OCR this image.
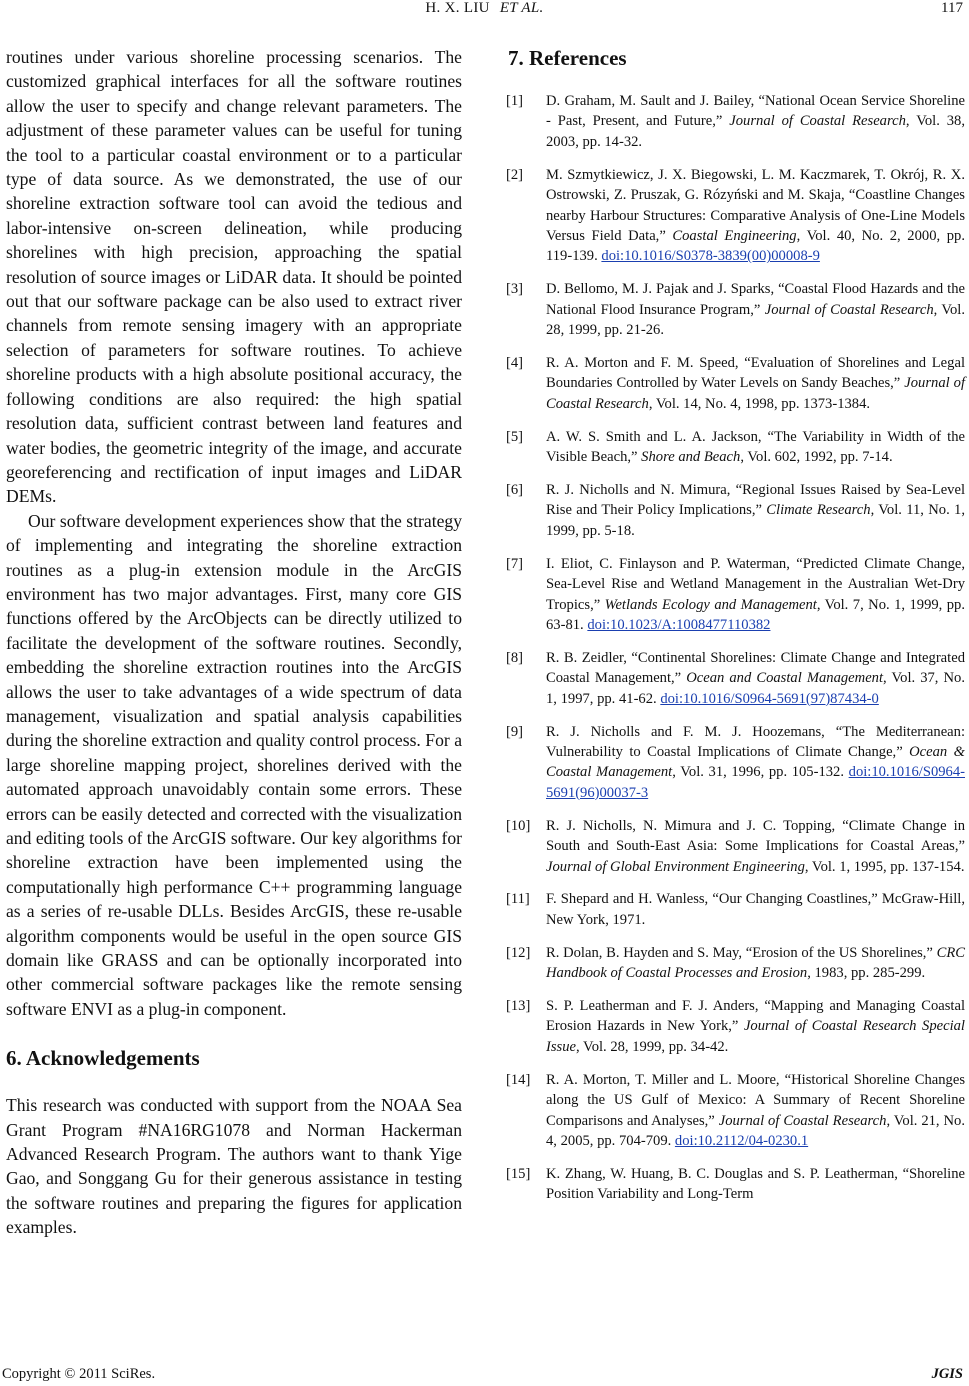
H. X. LIU ET AL.	117

routines under various shoreline processing scenarios. The customized graphical interfaces for all the software routines allow the user to specify and change relevant parameters. The adjustment of these parameter values can be useful for tuning the tool to a particular coastal environment or to a particular type of data source. As we demonstrated, the use of our shoreline extraction software tool can avoid the tedious and labor-intensive on-screen delineation, while producing shorelines with high precision, approaching the spatial resolution of source images or LiDAR data. It should be pointed out that our software package can be also used to extract river channels from remote sensing imagery with an appropriate selection of parameters for software routines. To achieve shoreline products with a high absolute positional accuracy, the following conditions are also required: the high spatial resolution data, sufficient contrast between land features and water bodies, the geometric integrity of the image, and accurate georeferencing and rectification of input images and LiDAR DEMs.

Our software development experiences show that the strategy of implementing and integrating the shoreline extraction routines as a plug-in extension module in the ArcGIS environment has two major advantages. First, many core GIS functions offered by the ArcObjects can be directly utilized to facilitate the development of the software routines. Secondly, embedding the shoreline extraction routines into the ArcGIS allows the user to take advantages of a wide spectrum of data management, visualization and spatial analysis capabilities during the shoreline extraction and quality control process. For a large shoreline mapping project, shorelines derived with the automated approach unavoidably contain some errors. These errors can be easily detected and corrected with the visualization and editing tools of the ArcGIS software. Our key algorithms for shoreline extraction have been implemented using the computationally high performance C++ programming language as a series of re-usable DLLs. Besides ArcGIS, these re-usable algorithm components would be useful in the open source GIS domain like GRASS and can be optionally incorporated into other commercial software packages like the remote sensing software ENVI as a plug-in component.

6. Acknowledgements

This research was conducted with support from the NOAA Sea Grant Program #NA16RG1078 and Norman Hackerman Advanced Research Program. The authors want to thank Yige Gao, and Songgang Gu for their generous assistance in testing the software routines and preparing the figures for application examples.

7. References
[1]	D. Graham, M. Sault and J. Bailey, “National Ocean Service Shoreline - Past, Present, and Future,” Journal of Coastal Research, Vol. 38, 2003, pp. 14-32.
[2]	M. Szmytkiewicz, J. X. Biegowski, L. M. Kaczmarek, T. Okrój, R. X. Ostrowski, Z. Pruszak, G. Rózyński and M. Skaja, “Coastline Changes nearby Harbour Structures: Comparative Analysis of One-Line Models Versus Field Data,” Coastal Engineering, Vol. 40, No. 2, 2000, pp. 119-139. doi:10.1016/S0378-3839(00)00008-9
[3]	D. Bellomo, M. J. Pajak and J. Sparks, “Coastal Flood Hazards and the National Flood Insurance Program,” Journal of Coastal Research, Vol. 28, 1999, pp. 21-26.
[4]	R. A. Morton and F. M. Speed, “Evaluation of Shorelines and Legal Boundaries Controlled by Water Levels on Sandy Beaches,” Journal of Coastal Research, Vol. 14, No. 4, 1998, pp. 1373-1384.
[5]	A. W. S. Smith and L. A. Jackson, “The Variability in Width of the Visible Beach,” Shore and Beach, Vol. 602, 1992, pp. 7-14.
[6]	R. J. Nicholls and N. Mimura, “Regional Issues Raised by Sea-Level Rise and Their Policy Implications,” Climate Research, Vol. 11, No. 1, 1999, pp. 5-18.
[7]	I. Eliot, C. Finlayson and P. Waterman, “Predicted Climate Change, Sea-Level Rise and Wetland Management in the Australian Wet-Dry Tropics,” Wetlands Ecology and Management, Vol. 7, No. 1, 1999, pp. 63-81. doi:10.1023/A:1008477110382
[8]	R. B. Zeidler, “Continental Shorelines: Climate Change and Integrated Coastal Management,” Ocean and Coastal Management, Vol. 37, No. 1, 1997, pp. 41-62. doi:10.1016/S0964-5691(97)87434-0
[9]	R. J. Nicholls and F. M. J. Hoozemans, “The Mediterranean: Vulnerability to Coastal Implications of Climate Change,” Ocean & Coastal Management, Vol. 31, 1996, pp. 105-132. doi:10.1016/S0964-5691(96)00037-3
[10]	R. J. Nicholls, N. Mimura and J. C. Topping, “Climate Change in South and South-East Asia: Some Implications for Coastal Areas,” Journal of Global Environment Engineering, Vol. 1, 1995, pp. 137-154.
[11]	F. Shepard and H. Wanless, “Our Changing Coastlines,” McGraw-Hill, New York, 1971.
[12]	R. Dolan, B. Hayden and S. May, “Erosion of the US Shorelines,” CRC Handbook of Coastal Processes and Erosion, 1983, pp. 285-299.
[13]	S. P. Leatherman and F. J. Anders, “Mapping and Managing Coastal Erosion Hazards in New York,” Journal of Coastal Research Special Issue, Vol. 28, 1999, pp. 34-42.
[14]	R. A. Morton, T. Miller and L. Moore, “Historical Shoreline Changes along the US Gulf of Mexico: A Summary of Recent Shoreline Comparisons and Analyses,” Journal of Coastal Research, Vol. 21, No. 4, 2005, pp. 704-709. doi:10.2112/04-0230.1
[15]	K. Zhang, W. Huang, B. C. Douglas and S. P. Leatherman, “Shoreline Position Variability and Long-Term
Copyright © 2011 SciRes.	JGIS
